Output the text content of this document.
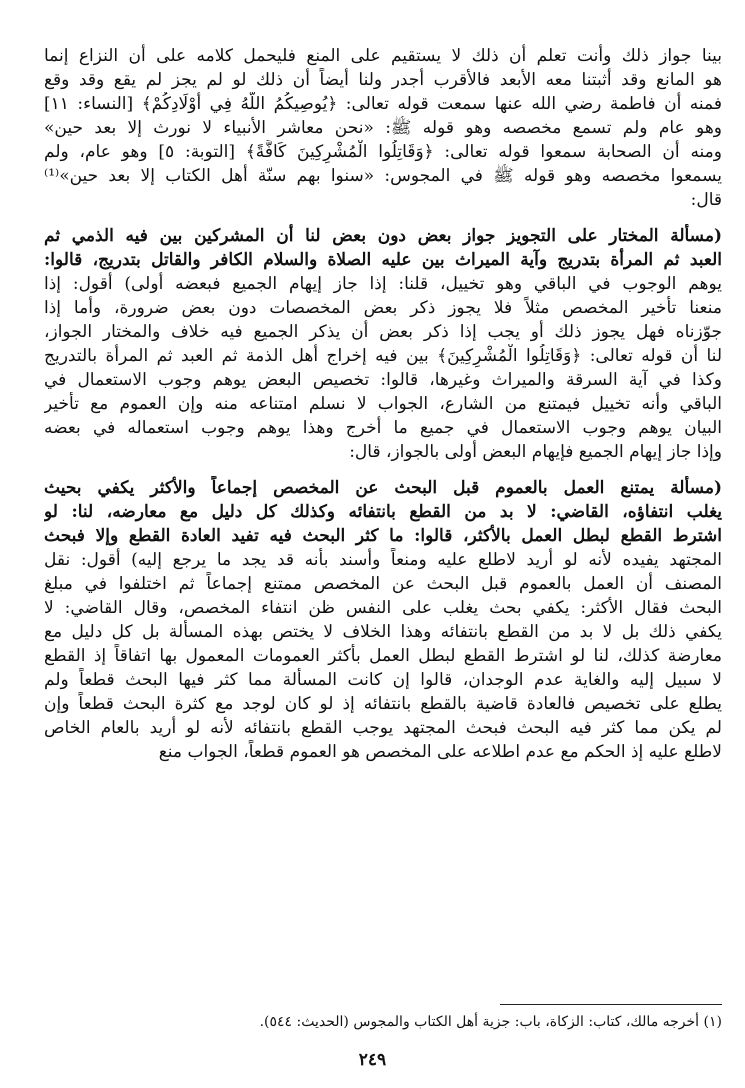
بينا جواز ذلك وأنت تعلم أن ذلك لا يستقيم على المنع فليحمل كلامه على أن النزاع إنما
هو المانع وقد أثبتنا معه الأبعد فالأقرب أجدر ولنا أيضاً أن ذلك لو لم يجز لم يقع وقد وقع
فمنه أن فاطمة رضي الله عنها سمعت قوله تعالى: ﴿يُوصِيكُمُ اللَّهُ فِي أَوْلَادِكُمْ﴾ [النساء: ١١]
وهو عام ولم تسمع مخصصه وهو قوله ﷺ: «نحن معاشر الأنبياء لا نورث إلا بعد حين»
ومنه أن الصحابة سمعوا قوله تعالى: ﴿وَقَاتِلُوا الْمُشْرِكِينَ كَافَّةً﴾ [التوبة: ٥] وهو عام، ولم
يسمعوا مخصصه وهو قوله ﷺ في المجوس: «سنوا بهم سنّة أهل الكتاب إلا بعد حين»⁽¹⁾
قال:
(مسألة المختار على التجويز جواز بعض دون بعض لنا أن المشركين بين فيه الذمي ثم
العبد ثم المرأة بتدريج وآية الميراث بين عليه الصلاة والسلام الكافر والقاتل بتدريج، قالوا:
يوهم الوجوب في الباقي وهو تخييل، قلنا: إذا جاز إيهام الجميع فبعضه أولى) أقول: إذا
منعنا تأخير المخصص مثلاً فلا يجوز ذكر بعض المخصصات دون بعض ضرورة، وأما إذا
جوّزناه فهل يجوز ذلك أو يجب إذا ذكر بعض أن يذكر الجميع فيه خلاف والمختار الجواز،
لنا أن قوله تعالى: ﴿وَقَاتِلُوا الْمُشْرِكِينَ﴾ بين فيه إخراج أهل الذمة ثم العبد ثم المرأة بالتدريج
وكذا في آية السرقة والميراث وغيرها، قالوا: تخصيص البعض يوهم وجوب الاستعمال في
الباقي وأنه تخييل فيمتنع من الشارع، الجواب لا نسلم امتناعه منه وإن العموم مع تأخير
البيان يوهم وجوب الاستعمال في جميع ما أخرج وهذا يوهم وجوب استعماله في بعضه
وإذا جاز إيهام الجميع فإيهام البعض أولى بالجواز، قال:
(مسألة يمتنع العمل بالعموم قبل البحث عن المخصص إجماعاً والأكثر يكفي بحيث
يغلب انتفاؤه، القاضي: لا بد من القطع بانتفائه وكذلك كل دليل مع معارضه، لنا: لو
اشترط القطع لبطل العمل بالأكثر، قالوا: ما كثر البحث فيه تفيد العادة القطع وإلا فبحث
المجتهد يفيده لأنه لو أريد لاطلع عليه ومنعاً وأسند بأنه قد يجد ما يرجع إليه) أقول: نقل
المصنف أن العمل بالعموم قبل البحث عن المخصص ممتنع إجماعاً ثم اختلفوا في مبلغ
البحث فقال الأكثر: يكفي بحث يغلب على النفس ظن انتفاء المخصص، وقال القاضي: لا
يكفي ذلك بل لا بد من القطع بانتفائه وهذا الخلاف لا يختص بهذه المسألة بل كل دليل مع
معارضة كذلك، لنا لو اشترط القطع لبطل العمل بأكثر العمومات المعمول بها اتفاقاً إذ القطع
لا سبيل إليه والغاية عدم الوجدان، قالوا إن كانت المسألة مما كثر فيها البحث قطعاً ولم
يطلع على تخصيص فالعادة قاضية بالقطع بانتفائه إذ لو كان لوجد مع كثرة البحث قطعاً وإن
لم يكن مما كثر فيه البحث فبحث المجتهد يوجب القطع بانتفائه لأنه لو أريد بالعام الخاص
لاطلع عليه إذ الحكم مع عدم اطلاعه على المخصص هو العموم قطعاً، الجواب منع
(١) أخرجه مالك، كتاب: الزكاة، باب: جزية أهل الكتاب والمجوس (الحديث: ٥٤٤).
٢٤٩
